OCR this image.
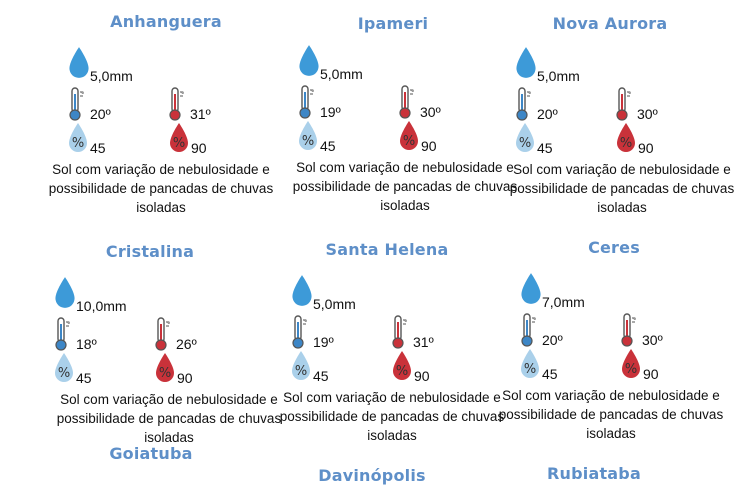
Anhanguera	Ipameri	Nova Aurora
Cristalina	Santa Helena	Ceres
Goiatuba
Davinópolis	Rubiataba
5,0mm
°
20º
°
31º
% 45	% 90
Sol com variação de nebulosidade e possibilidade de pancadas de chuvas isoladas
5,0mm
°
19º
°
30º
% 45	% 90
Sol com variação de nebulosidade e possibilidade de pancadas de chuvas isoladas
5,0mm
°
20º
°
30º
% 45	% 90
Sol com variação de nebulosidade e possibilidade de pancadas de chuvas isoladas
10,0mm
°
18º
°
26º
% 45	% 90
Sol com variação de nebulosidade e possibilidade de pancadas de chuvas isoladas
5,0mm
°
19º
°
31º
% 45	% 90
Sol com variação de nebulosidade e possibilidade de pancadas de chuvas isoladas
7,0mm
°
20º
°
30º
% 45	% 90
Sol com variação de nebulosidade e possibilidade de pancadas de chuvas isoladas
